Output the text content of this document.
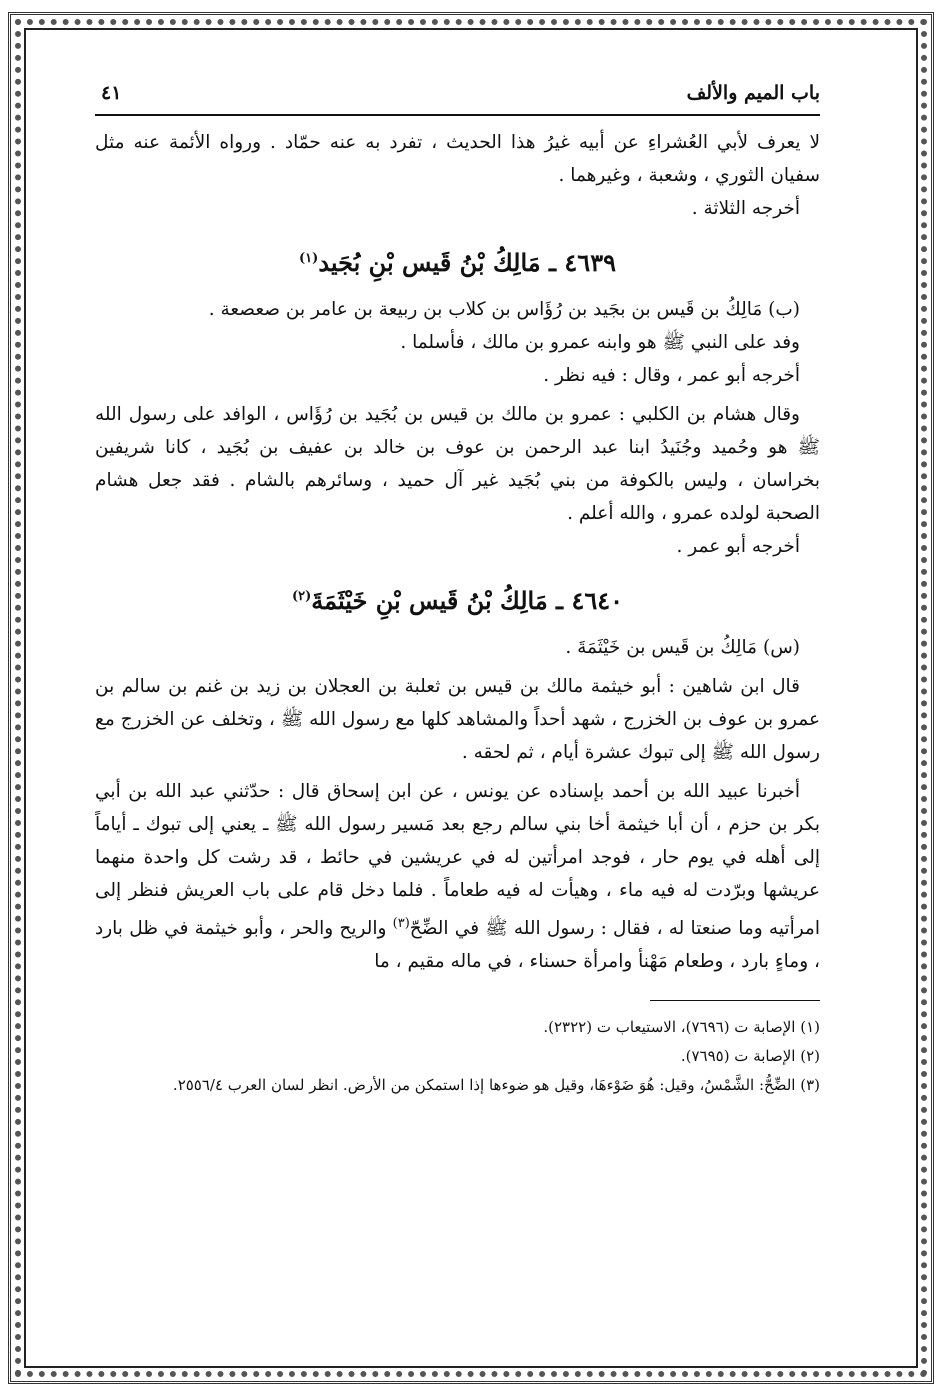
باب الميم والألف
٤١

لا يعرف لأبي العُشراءِ عن أبيه غيرُ هذا الحديث ، تفرد به عنه حمّاد . ورواه الأئمة عنه مثل سفيان الثوري ، وشعبة ، وغيرهما .

أخرجه الثلاثة .

٤٦٣٩ ـ مَالِكُ بْنُ قَيس بْنِ بُجَيد$^{(١)}$

(ب) مَالِكُ بن قَيس بن بجَيد بن رُؤَاس بن كلاب بن ربيعة بن عامر بن صعصعة .

وفد على النبي ﷺ هو وابنه عمرو بن مالك ، فأسلما .

أخرجه أبو عمر ، وقال : فيه نظر .

وقال هشام بن الكلبي : عمرو بن مالك بن قيس بن بُجَيد بن رُؤَاس ، الوافد على رسول الله ﷺ هو وحُميد وجُنَيدُ ابنا عبد الرحمن بن عوف بن خالد بن عفيف بن بُجَيد ، كانا شريفين بخراسان ، وليس بالكوفة من بني بُجَيد غير آل حميد ، وسائرهم بالشام . فقد جعل هشام الصحبة لولده عمرو ، والله أعلم .

أخرجه أبو عمر .

٤٦٤٠ ـ مَالِكُ بْنُ قَيس بْنِ خَيْثَمَةَ$^{(٢)}$

(س) مَالِكُ بن قَيس بن خَيْثَمَةَ .

قال ابن شاهين : أبو خيثمة مالك بن قيس بن ثعلبة بن العجلان بن زيد بن غنم بن سالم بن عمرو بن عوف بن الخزرج ، شهد أحداً والمشاهد كلها مع رسول الله ﷺ ، وتخلف عن الخزرج مع رسول الله ﷺ إلى تبوك عشرة أيام ، ثم لحقه .

أخبرنا عبيد الله بن أحمد بإسناده عن يونس ، عن ابن إسحاق قال : حدّثني عبد الله بن أبي بكر بن حزم ، أن أبا خيثمة أخا بني سالم رجع بعد مَسير رسول الله ﷺ ـ يعني إلى تبوك ـ أياماً إلى أهله في يوم حار ، فوجد امرأتين له في عريشين في حائط ، قد رشت كل واحدة منهما عريشها وبرّدت له فيه ماء ، وهيأت له فيه طعاماً . فلما دخل قام على باب العريش فنظر إلى امرأتيه وما صنعتا له ، فقال : رسول الله ﷺ في الضِّحّ$^{(٣)}$ والريح والحر ، وأبو خيثمة في ظل بارد ، وماءٍ بارد ، وطعام مَهْنأ وامرأة حسناء ، في ماله مقيم ، ما

(١) الإصابة ت (٧٦٩٦)، الاستيعاب ت (٢٣٢٢).

(٢) الإصابة ت (٧٦٩٥).

(٣) الضِّحُّ: الشَّمْسُ، وقيل: هُوَ ضَوْءهَا، وقيل هو ضوءها إذا استمكن من الأرض. انظر لسان العرب ٢٥٥٦/٤.
